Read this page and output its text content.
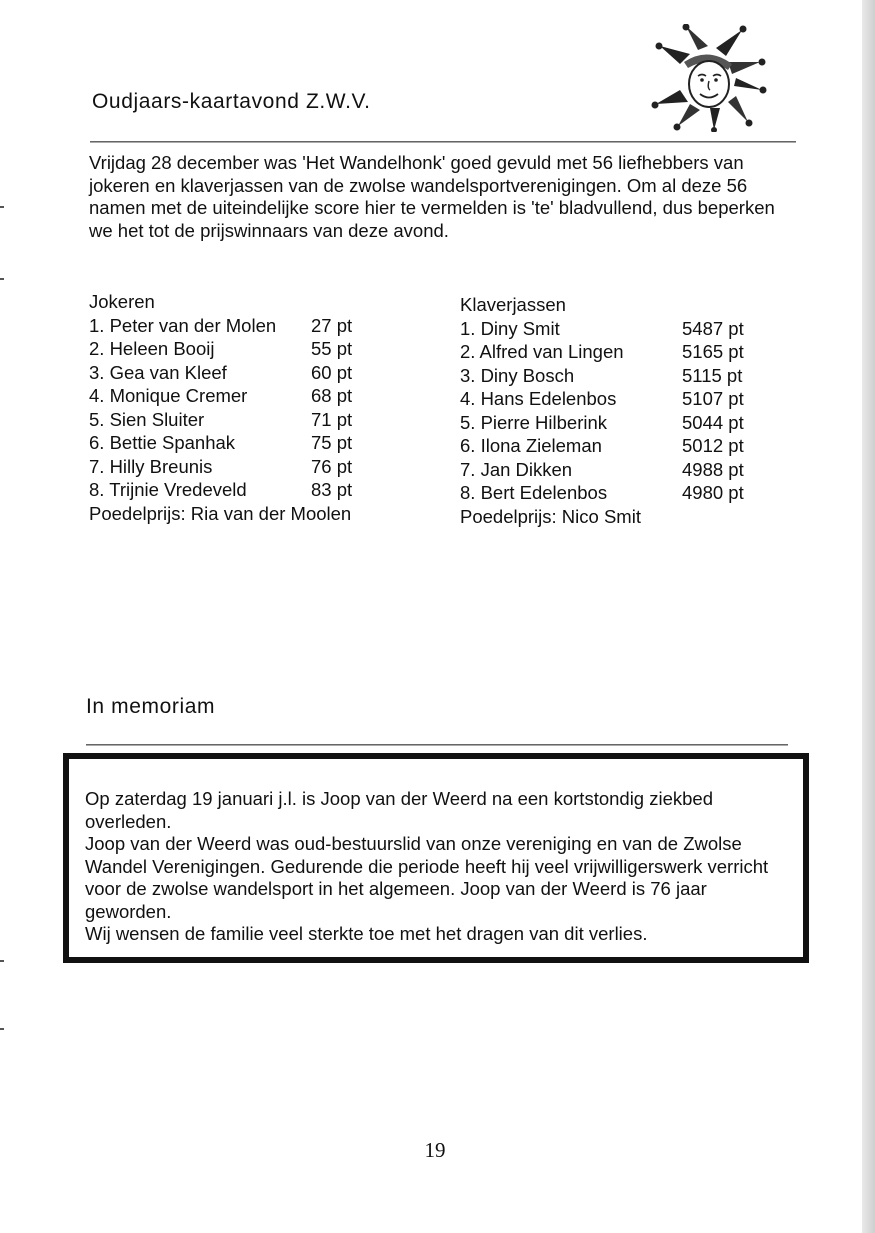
Oudjaars-kaartavond Z.W.V.
Vrijdag 28 december was 'Het Wandelhonk' goed gevuld met 56 liefhebbers van jokeren en klaverjassen van de zwolse wandelsportverenigingen. Om al deze 56 namen met de uiteindelijke score hier te vermelden is 'te' bladvullend, dus beperken we het tot de prijswinnaars van deze avond.
Jokeren
1. Peter van der Molen	27 pt
2. Heleen Booij	55 pt
3. Gea van Kleef	60 pt
4. Monique Cremer	68 pt
5. Sien Sluiter	71 pt
6. Bettie Spanhak	75 pt
7. Hilly Breunis	76 pt
8. Trijnie Vredeveld	83 pt
Poedelprijs: Ria van der Moolen
Klaverjassen
1. Diny Smit	5487 pt
2. Alfred van Lingen	5165 pt
3. Diny Bosch	5115 pt
4. Hans Edelenbos	5107 pt
5. Pierre Hilberink	5044 pt
6. Ilona Zieleman	5012 pt
7. Jan Dikken	4988 pt
8. Bert Edelenbos	4980 pt
Poedelprijs: Nico Smit
In memoriam

Op zaterdag 19 januari j.l. is Joop van der Weerd na een kortstondig ziekbed overleden.

Joop van der Weerd was oud-bestuurslid van onze vereniging en van de Zwolse Wandel Verenigingen. Gedurende die periode heeft hij veel vrijwilligerswerk verricht voor de zwolse wandelsport in het algemeen. Joop van der Weerd is 76 jaar geworden.

Wij wensen de familie veel sterkte toe met het dragen van dit verlies.

19
